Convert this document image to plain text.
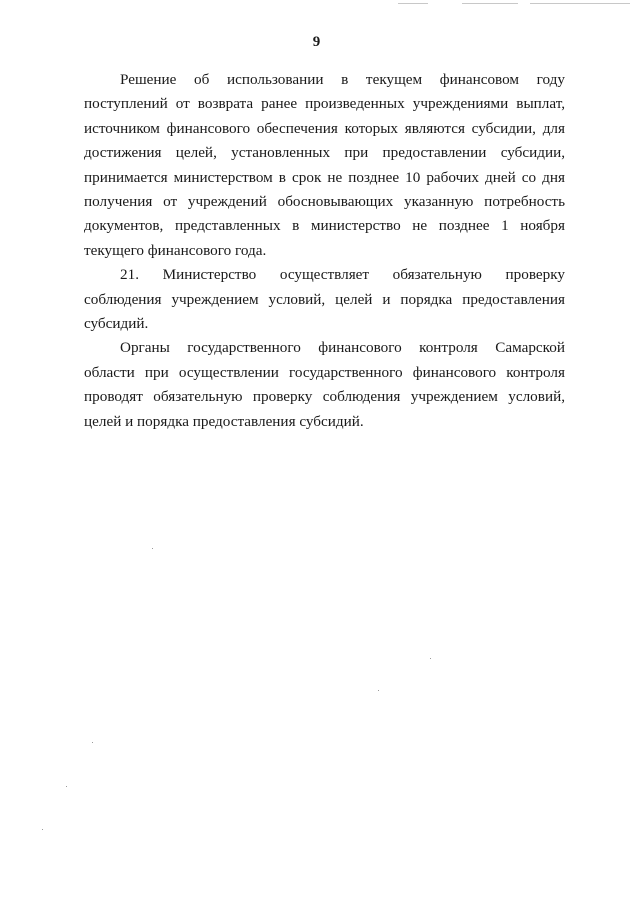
9

Решение об использовании в текущем финансовом году поступлений от возврата ранее произведенных учреждениями выплат, источником финансового обеспечения которых являются субсидии, для достижения целей, установленных при предоставлении субсидии, принимается министерством в срок не позднее 10 рабочих дней со дня получения от учреждений обосновывающих указанную потребность документов, представленных в министерство не позднее 1 ноября текущего финансового года.

21. Министерство осуществляет обязательную проверку соблюдения учреждением условий, целей и порядка предоставления субсидий.

Органы государственного финансового контроля Самарской области при осуществлении государственного финансового контроля проводят обязательную проверку соблюдения учреждением условий, целей и порядка предоставления субсидий.
